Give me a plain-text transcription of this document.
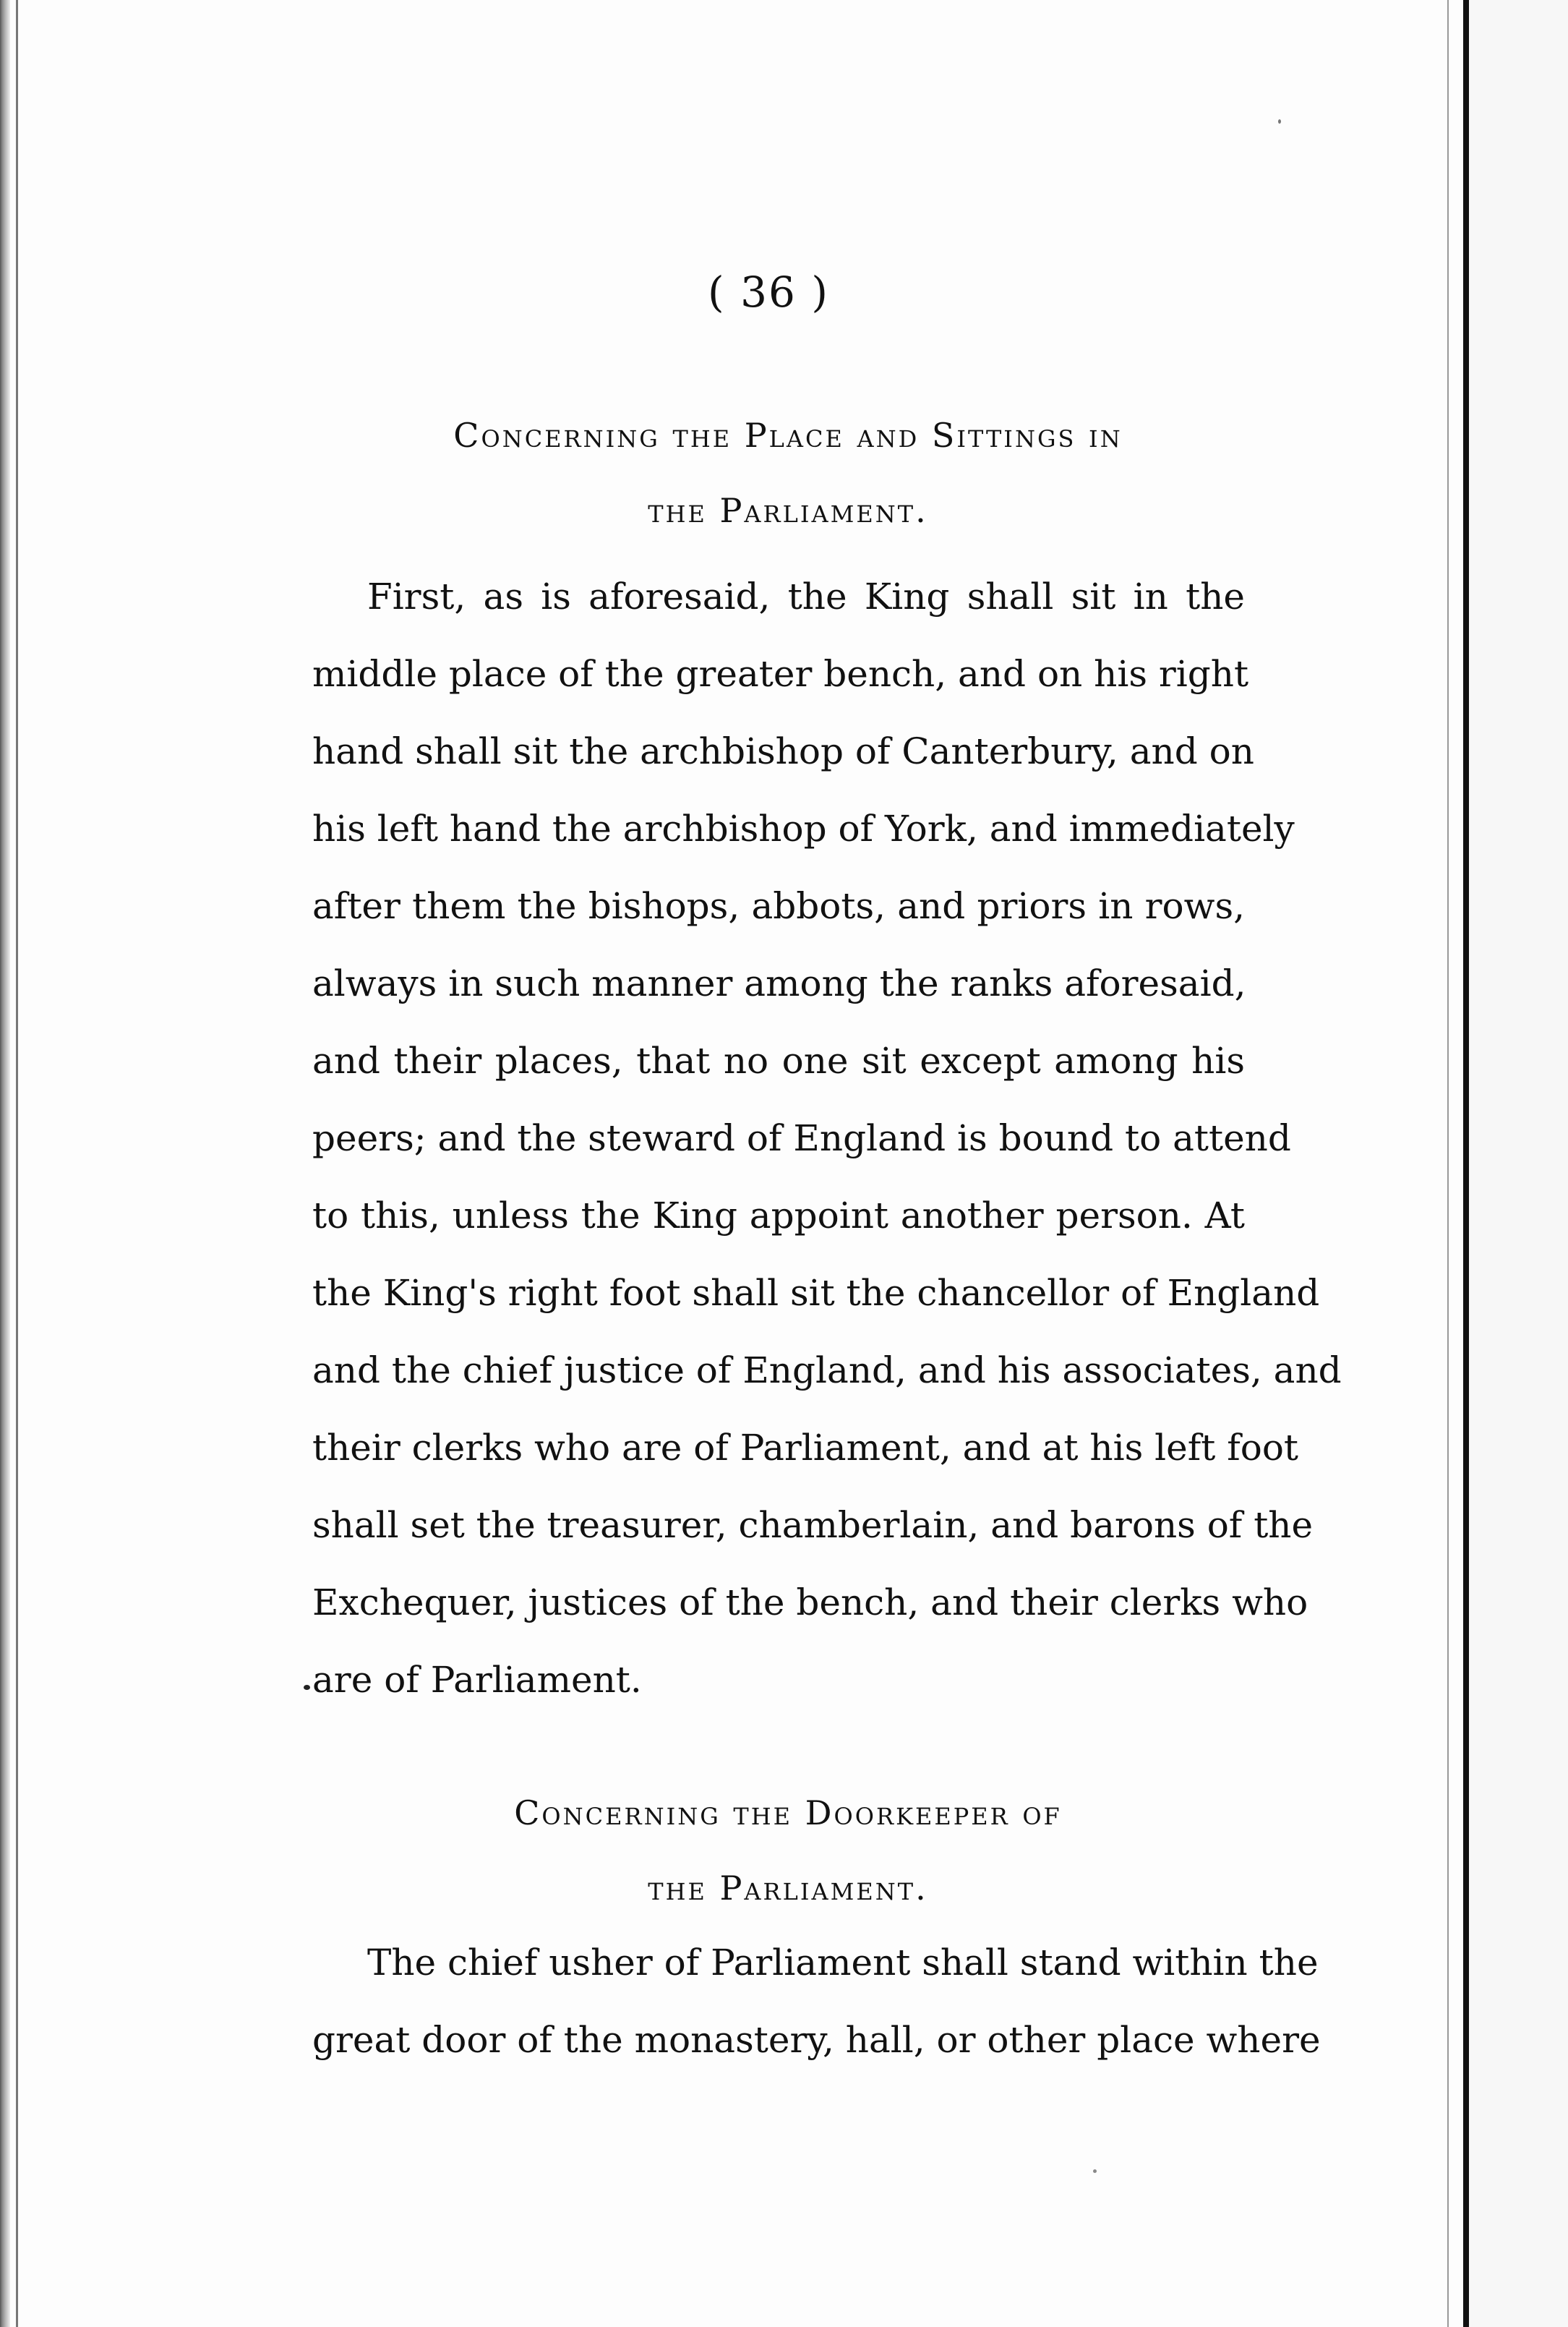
( 36 )
Concerning the Place and Sittings in
the Parliament.
First, as is aforesaid, the King shall sit in the
middle place of the greater bench, and on his right
hand shall sit the archbishop of Canterbury, and on
his left hand the archbishop of York, and immediately
after them the bishops, abbots, and priors in rows,
always in such manner among the ranks aforesaid,
and their places, that no one sit except among his
peers; and the steward of England is bound to attend
to this, unless the King appoint another person. At
the King's right foot shall sit the chancellor of England
and the chief justice of England, and his associates, and
their clerks who are of Parliament, and at his left foot
shall set the treasurer, chamberlain, and barons of the
Exchequer, justices of the bench, and their clerks who
are of Parliament.
Concerning the Doorkeeper of
the Parliament.
The chief usher of Parliament shall stand within the
great door of the monastery, hall, or other place where
